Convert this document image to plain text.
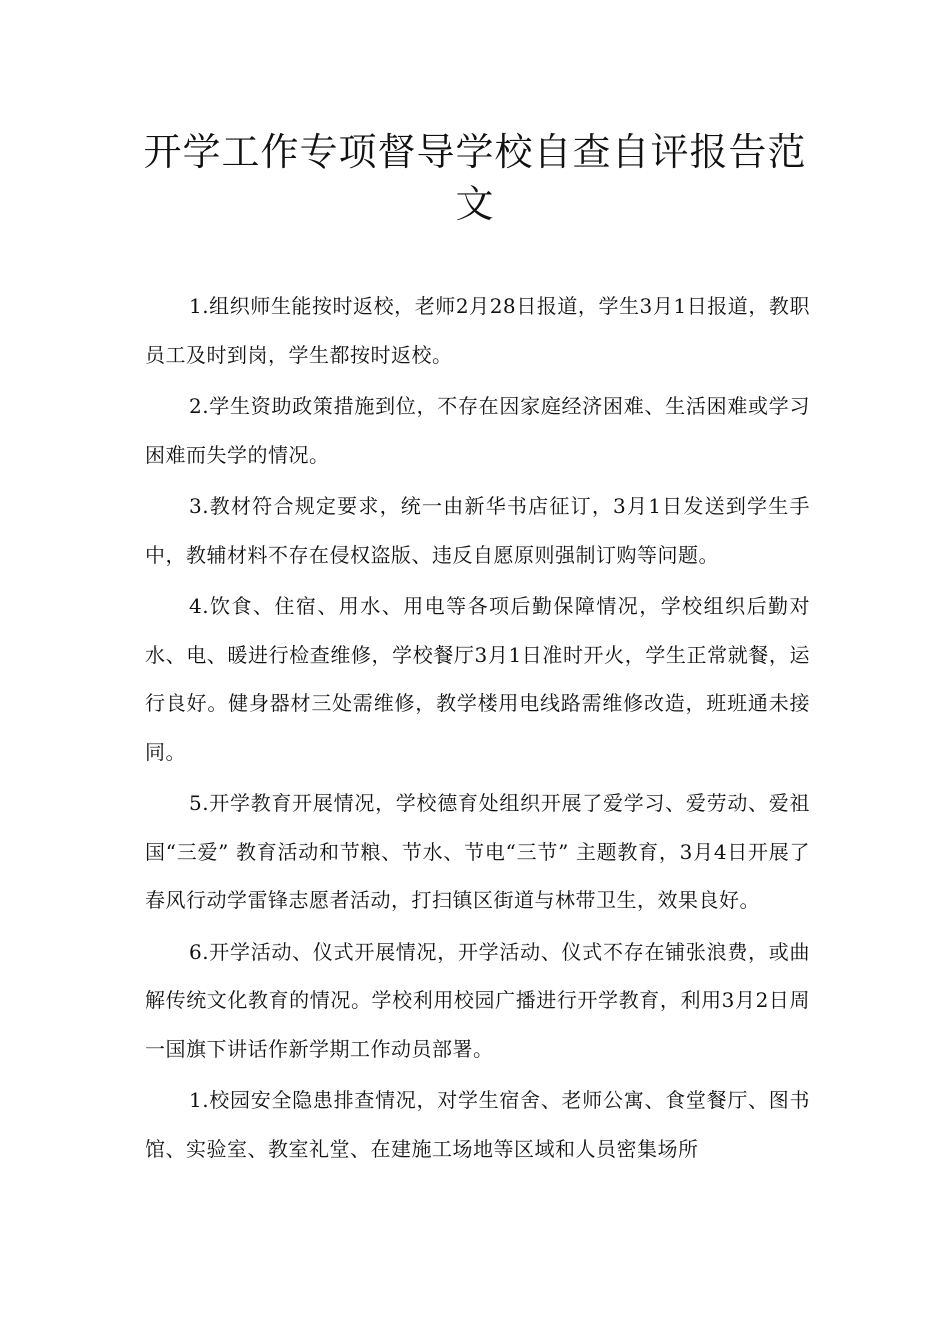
开学工作专项督导学校自查自评报告范文

1.组织师生能按时返校，老师2月28日报道，学生3月1日报道，教职员工及时到岗，学生都按时返校。

2.学生资助政策措施到位，不存在因家庭经济困难、生活困难或学习困难而失学的情况。

3.教材符合规定要求，统一由新华书店征订，3月1日发送到学生手中，教辅材料不存在侵权盗版、违反自愿原则强制订购等问题。

4.饮食、住宿、用水、用电等各项后勤保障情况，学校组织后勤对水、电、暖进行检查维修，学校餐厅3月1日准时开火，学生正常就餐，运行良好。健身器材三处需维修，教学楼用电线路需维修改造，班班通未接同。

5.开学教育开展情况，学校德育处组织开展了爱学习、爱劳动、爱祖国“三爱” 教育活动和节粮、节水、节电“三节” 主题教育，3月4日开展了春风行动学雷锋志愿者活动，打扫镇区街道与林带卫生，效果良好。

6.开学活动、仪式开展情况，开学活动、仪式不存在铺张浪费，或曲解传统文化教育的情况。学校利用校园广播进行开学教育，利用3月2日周一国旗下讲话作新学期工作动员部署。

1.校园安全隐患排查情况，对学生宿舍、老师公寓、食堂餐厅、图书馆、实验室、教室礼堂、在建施工场地等区域和人员密集场所
